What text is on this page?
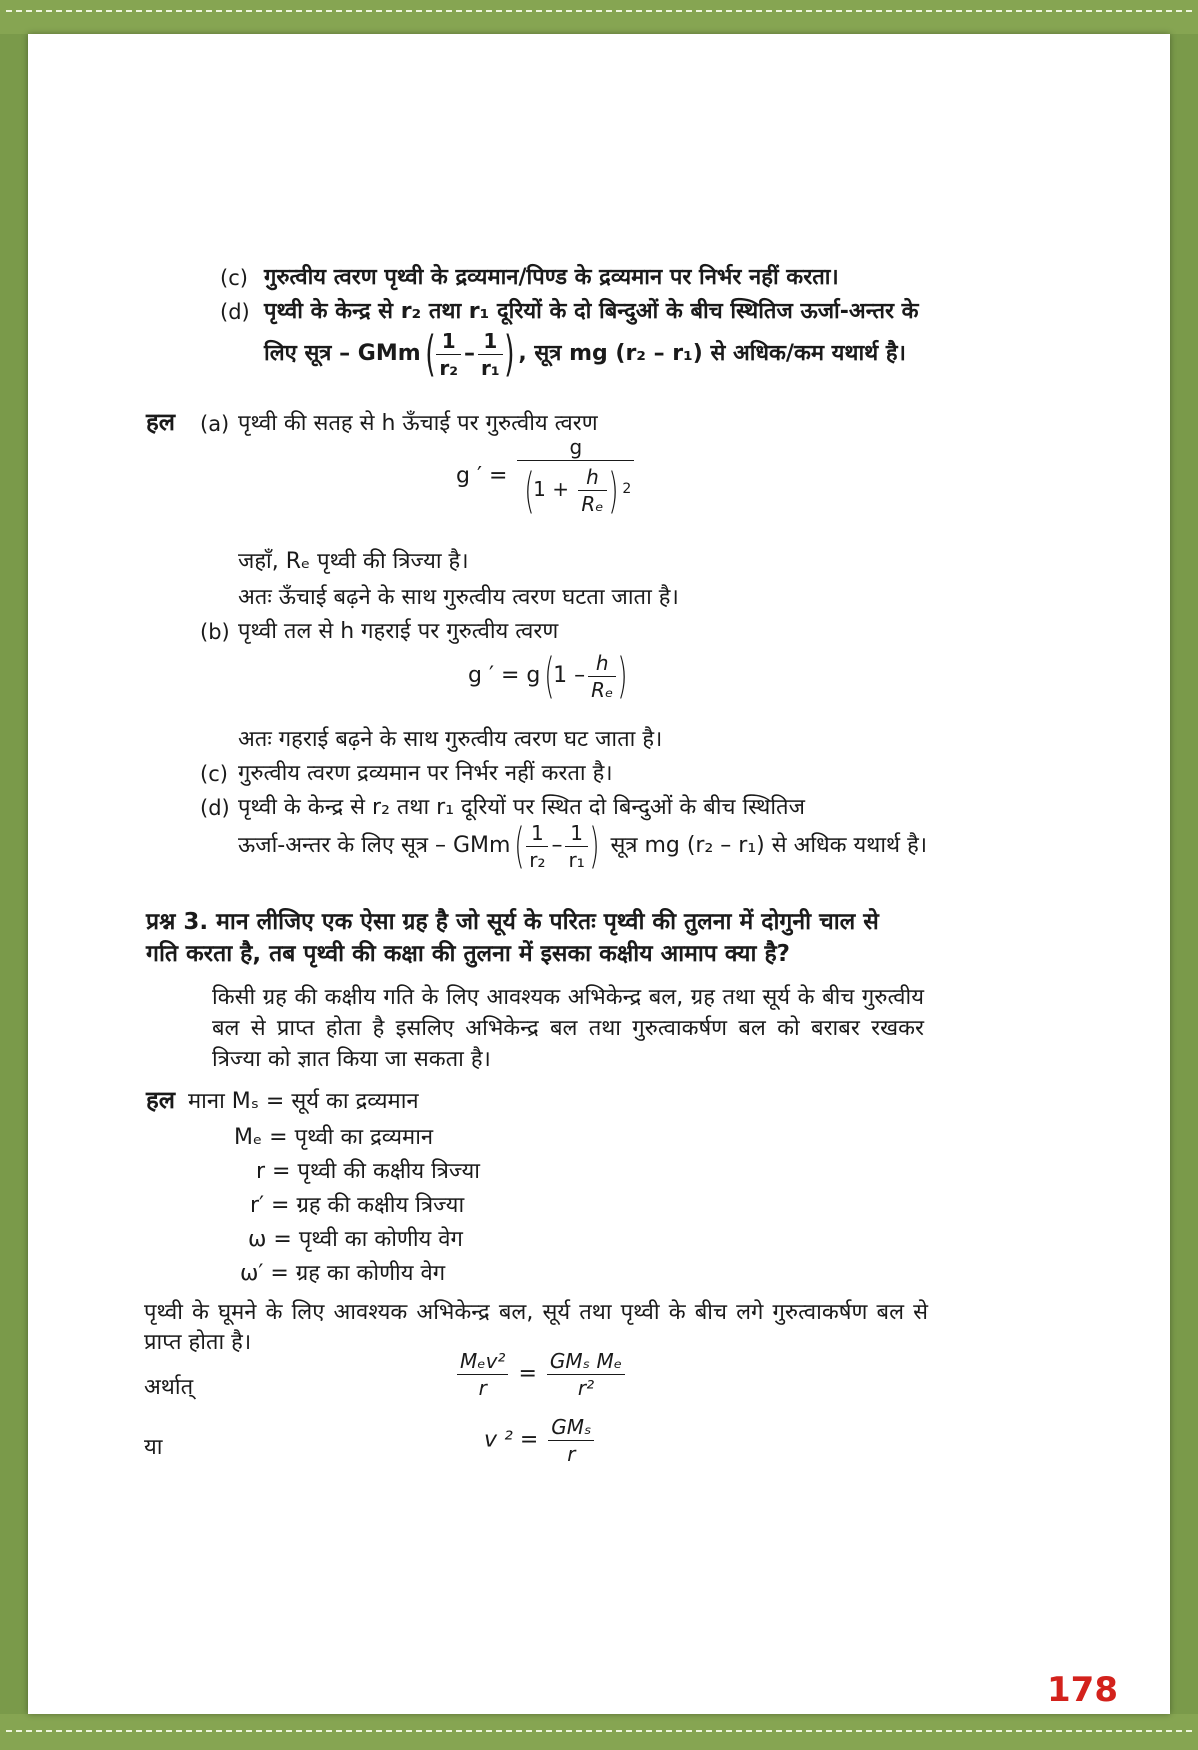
(c) गुरुत्वीय त्वरण पृथ्वी के द्रव्यमान/पिण्ड के द्रव्यमान पर निर्भर नहीं करता।
(d) पृथ्वी के केन्द्र से r₂ तथा r₁ दूरियों के दो बिन्दुओं के बीच स्थितिज ऊर्जा-अन्तर के
लिए सूत्र – $GMm( \frac{1}{\text{r₂}} - \frac{1}{\text{r₁}}$ ) , सूत्र mg (r₂ – r₁) से अधिक/कम यथार्थ है।
हल (a) पृथ्वी की सतह से h ऊँचाई पर गुरुत्वीय त्वरण
g ′ = $\frac{g}{(1 + \frac{h}{\text{Rₑ}} ) ^2}$
जहाँ, Rₑ पृथ्वी की त्रिज्या है।
अतः ऊँचाई बढ़ने के साथ गुरुत्वीय त्वरण घटता जाता है।
(b) पृथ्वी तल से h गहराई पर गुरुत्वीय त्वरण
g ′ = $g(1 - \frac{h}{\text{Rₑ}}$ )
अतः गहराई बढ़ने के साथ गुरुत्वीय त्वरण घट जाता है।
(c) गुरुत्वीय त्वरण द्रव्यमान पर निर्भर नहीं करता है।
(d) पृथ्वी के केन्द्र से r₂ तथा r₁ दूरियों पर स्थित दो बिन्दुओं के बीच स्थितिज
ऊर्जा-अन्तर के लिए सूत्र – $GMm( \frac{1}{\text{r₂}} - \frac{1}{\text{r₁}}$ ) सूत्र mg (r₂ – r₁) से अधिक यथार्थ है।
प्रश्न 3. मान लीजिए एक ऐसा ग्रह है जो सूर्य के परितः पृथ्वी की तुलना में दोगुनी चाल से
गति करता है, तब पृथ्वी की कक्षा की तुलना में इसका कक्षीय आमाप क्या है?
किसी ग्रह की कक्षीय गति के लिए आवश्यक अभिकेन्द्र बल, ग्रह तथा सूर्य के बीच गुरुत्वीय बल से प्राप्त होता है इसलिए अभिकेन्द्र बल तथा गुरुत्वाकर्षण बल को बराबर रखकर त्रिज्या को ज्ञात किया जा सकता है।
हल माना Mₛ = सूर्य का द्रव्यमान
Mₑ = पृथ्वी का द्रव्यमान
r = पृथ्वी की कक्षीय त्रिज्या
r′ = ग्रह की कक्षीय त्रिज्या
ω = पृथ्वी का कोणीय वेग
ω′ = ग्रह का कोणीय वेग
पृथ्वी के घूमने के लिए आवश्यक अभिकेन्द्र बल, सूर्य तथा पृथ्वी के बीच लगे गुरुत्वाकर्षण बल से प्राप्त होता है।
अर्थात्	$\frac{\text{Mₑv²}}{r} = \frac{\text{GMₛ Mₑ}}{\text{r²}}$
या	v $^2 = \frac{\text{GMₛ}}{r}$
178
